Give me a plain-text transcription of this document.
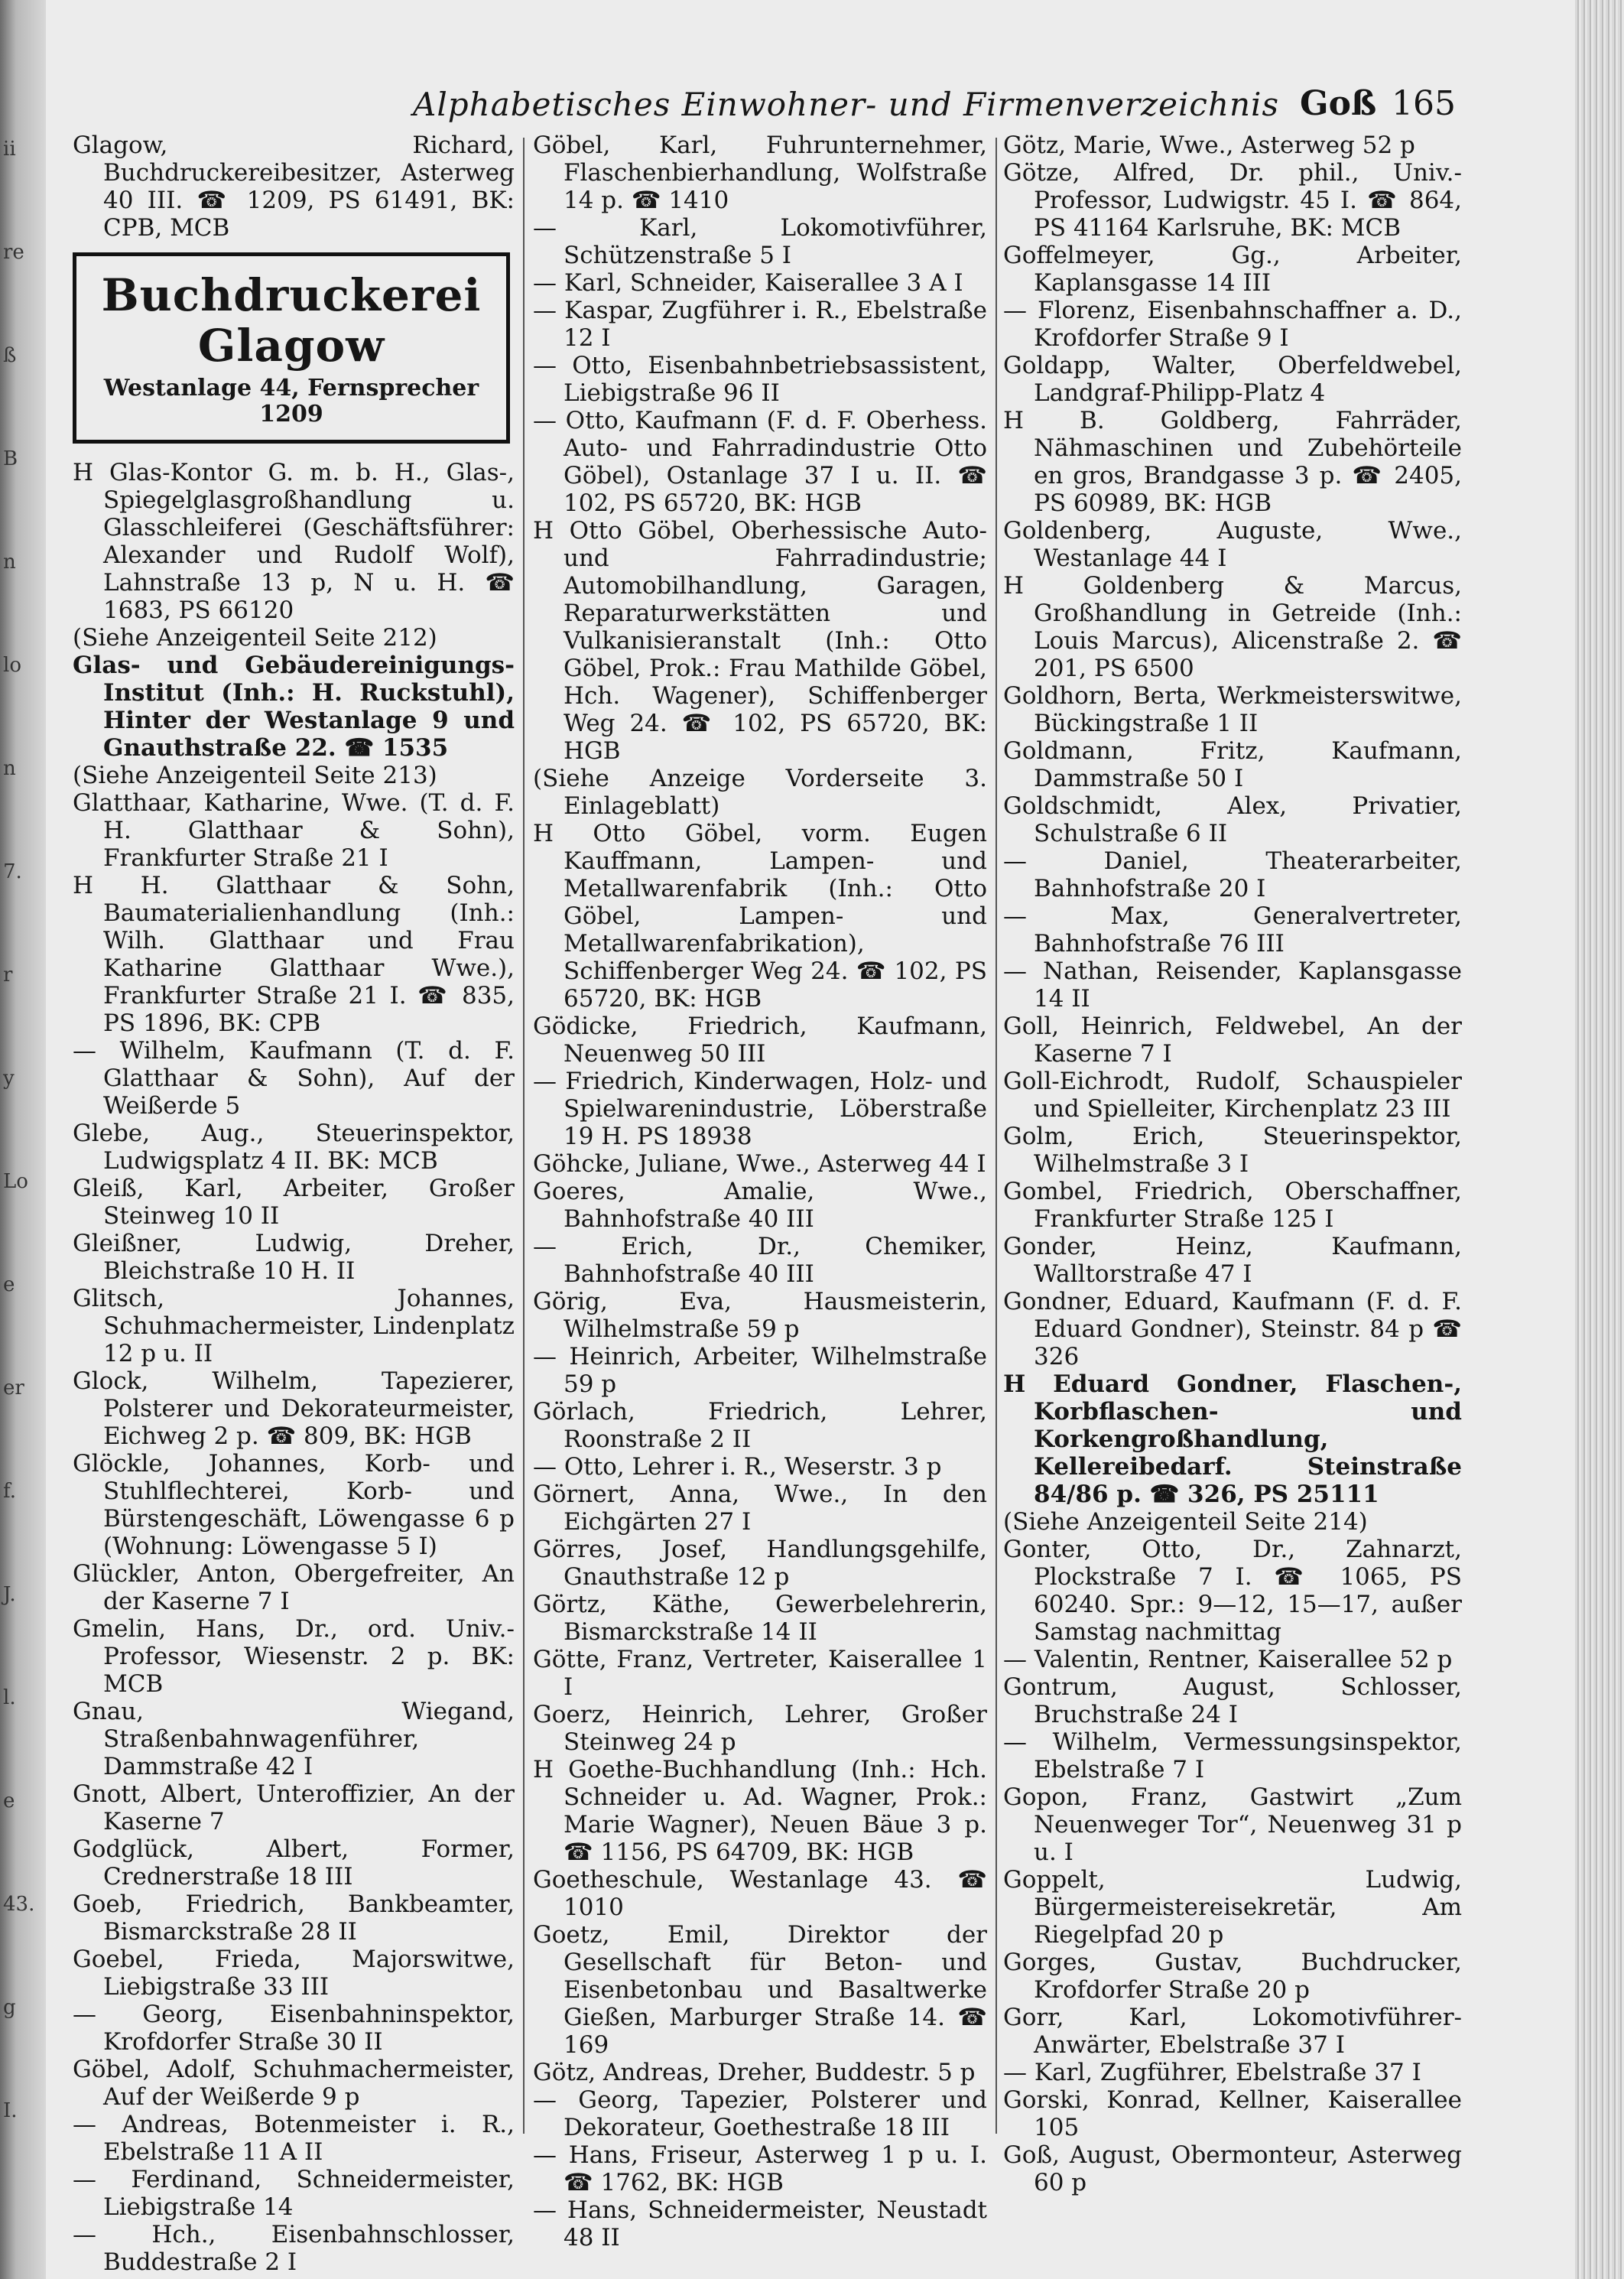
ii
re
ß
B
n
lo
n
7.
r
y
Lo
e
er
f.
J.
l.
e
43.
g
I.
Alphabetisches Einwohner- und Firmenverzeichnis Goß 165

Glagow, Richard, Buchdruckereibesitzer, Asterweg 40 III. ☎ 1209, PS 61491, BK: CPB, MCB

Buchdruckerei Glagow
Westanlage 44, Fernsprecher 1209

H Glas-Kontor G. m. b. H., Glas-, Spiegelglasgroßhandlung u. Glasschleiferei (Geschäftsführer: Alexander und Rudolf Wolf), Lahnstraße 13 p, N u. H. ☎ 1683, PS 66120

(Siehe Anzeigenteil Seite 212)

Glas- und Gebäudereinigungs-Institut (Inh.: H. Ruckstuhl), Hinter der Westanlage 9 und Gnauthstraße 22. ☎ 1535

(Siehe Anzeigenteil Seite 213)

Glatthaar, Katharine, Wwe. (T. d. F. H. Glatthaar & Sohn), Frankfurter Straße 21 I

H H. Glatthaar & Sohn, Baumaterialienhandlung (Inh.: Wilh. Glatthaar und Frau Katharine Glatthaar Wwe.), Frankfurter Straße 21 I. ☎ 835, PS 1896, BK: CPB

— Wilhelm, Kaufmann (T. d. F. Glatthaar & Sohn), Auf der Weißerde 5

Glebe, Aug., Steuerinspektor, Ludwigsplatz 4 II. BK: MCB

Gleiß, Karl, Arbeiter, Großer Steinweg 10 II

Gleißner, Ludwig, Dreher, Bleichstraße 10 H. II

Glitsch, Johannes, Schuhmachermeister, Lindenplatz 12 p u. II

Glock, Wilhelm, Tapezierer, Polsterer und Dekorateurmeister, Eichweg 2 p. ☎ 809, BK: HGB

Glöckle, Johannes, Korb- und Stuhlflechterei, Korb- und Bürstengeschäft, Löwengasse 6 p (Wohnung: Löwengasse 5 I)

Glückler, Anton, Obergefreiter, An der Kaserne 7 I

Gmelin, Hans, Dr., ord. Univ.-Professor, Wiesenstr. 2 p. BK: MCB

Gnau, Wiegand, Straßenbahnwagenführer, Dammstraße 42 I

Gnott, Albert, Unteroffizier, An der Kaserne 7

Godglück, Albert, Former, Crednerstraße 18 III

Goeb, Friedrich, Bankbeamter, Bismarckstraße 28 II

Goebel, Frieda, Majorswitwe, Liebigstraße 33 III

— Georg, Eisenbahninspektor, Krofdorfer Straße 30 II

Göbel, Adolf, Schuhmachermeister, Auf der Weißerde 9 p

— Andreas, Botenmeister i. R., Ebelstraße 11 A II

— Ferdinand, Schneidermeister, Liebigstraße 14

— Hch., Eisenbahnschlosser, Buddestraße 2 I

Göbel, Karl, Fuhrunternehmer, Flaschenbierhandlung, Wolfstraße 14 p. ☎ 1410

— Karl, Lokomotivführer, Schützenstraße 5 I

— Karl, Schneider, Kaiserallee 3 A I

— Kaspar, Zugführer i. R., Ebelstraße 12 I

— Otto, Eisenbahnbetriebsassistent, Liebigstraße 96 II

— Otto, Kaufmann (F. d. F. Oberhess. Auto- und Fahrradindustrie Otto Göbel), Ostanlage 37 I u. II. ☎ 102, PS 65720, BK: HGB

H Otto Göbel, Oberhessische Auto- und Fahrradindustrie; Automobilhandlung, Garagen, Reparaturwerkstätten und Vulkanisieranstalt (Inh.: Otto Göbel, Prok.: Frau Mathilde Göbel, Hch. Wagener), Schiffenberger Weg 24. ☎ 102, PS 65720, BK: HGB

(Siehe Anzeige Vorderseite 3. Einlageblatt)

H Otto Göbel, vorm. Eugen Kauffmann, Lampen- und Metallwarenfabrik (Inh.: Otto Göbel, Lampen- und Metallwarenfabrikation), Schiffenberger Weg 24. ☎ 102, PS 65720, BK: HGB

Gödicke, Friedrich, Kaufmann, Neuenweg 50 III

— Friedrich, Kinderwagen, Holz- und Spielwarenindustrie, Löberstraße 19 H. PS 18938

Göhcke, Juliane, Wwe., Asterweg 44 I

Goeres, Amalie, Wwe., Bahnhofstraße 40 III

— Erich, Dr., Chemiker, Bahnhofstraße 40 III

Görig, Eva, Hausmeisterin, Wilhelmstraße 59 p

— Heinrich, Arbeiter, Wilhelmstraße 59 p

Görlach, Friedrich, Lehrer, Roonstraße 2 II

— Otto, Lehrer i. R., Weserstr. 3 p

Görnert, Anna, Wwe., In den Eichgärten 27 I

Görres, Josef, Handlungsgehilfe, Gnauthstraße 12 p

Görtz, Käthe, Gewerbelehrerin, Bismarckstraße 14 II

Götte, Franz, Vertreter, Kaiserallee 1 I

Goerz, Heinrich, Lehrer, Großer Steinweg 24 p

H Goethe-Buchhandlung (Inh.: Hch. Schneider u. Ad. Wagner, Prok.: Marie Wagner), Neuen Bäue 3 p. ☎ 1156, PS 64709, BK: HGB

Goetheschule, Westanlage 43. ☎ 1010

Goetz, Emil, Direktor der Gesellschaft für Beton- und Eisenbetonbau und Basaltwerke Gießen, Marburger Straße 14. ☎ 169

Götz, Andreas, Dreher, Buddestr. 5 p

— Georg, Tapezier, Polsterer und Dekorateur, Goethestraße 18 III

— Hans, Friseur, Asterweg 1 p u. I. ☎ 1762, BK: HGB

— Hans, Schneidermeister, Neustadt 48 II

Götz, Marie, Wwe., Asterweg 52 p

Götze, Alfred, Dr. phil., Univ.-Professor, Ludwigstr. 45 I. ☎ 864, PS 41164 Karlsruhe, BK: MCB

Goffelmeyer, Gg., Arbeiter, Kaplansgasse 14 III

— Florenz, Eisenbahnschaffner a. D., Krofdorfer Straße 9 I

Goldapp, Walter, Oberfeldwebel, Landgraf-Philipp-Platz 4

H B. Goldberg, Fahrräder, Nähmaschinen und Zubehörteile en gros, Brandgasse 3 p. ☎ 2405, PS 60989, BK: HGB

Goldenberg, Auguste, Wwe., Westanlage 44 I

H Goldenberg & Marcus, Großhandlung in Getreide (Inh.: Louis Marcus), Alicenstraße 2. ☎ 201, PS 6500

Goldhorn, Berta, Werkmeisterswitwe, Bückingstraße 1 II

Goldmann, Fritz, Kaufmann, Dammstraße 50 I

Goldschmidt, Alex, Privatier, Schulstraße 6 II

— Daniel, Theaterarbeiter, Bahnhofstraße 20 I

— Max, Generalvertreter, Bahnhofstraße 76 III

— Nathan, Reisender, Kaplansgasse 14 II

Goll, Heinrich, Feldwebel, An der Kaserne 7 I

Goll-Eichrodt, Rudolf, Schauspieler und Spielleiter, Kirchenplatz 23 III

Golm, Erich, Steuerinspektor, Wilhelmstraße 3 I

Gombel, Friedrich, Oberschaffner, Frankfurter Straße 125 I

Gonder, Heinz, Kaufmann, Walltorstraße 47 I

Gondner, Eduard, Kaufmann (F. d. F. Eduard Gondner), Steinstr. 84 p ☎ 326

H Eduard Gondner, Flaschen-, Korbflaschen- und Korkengroßhandlung, Kellereibedarf. Steinstraße 84/86 p. ☎ 326, PS 25111

(Siehe Anzeigenteil Seite 214)

Gonter, Otto, Dr., Zahnarzt, Plockstraße 7 I. ☎ 1065, PS 60240. Spr.: 9—12, 15—17, außer Samstag nachmittag

— Valentin, Rentner, Kaiserallee 52 p

Gontrum, August, Schlosser, Bruchstraße 24 I

— Wilhelm, Vermessungsinspektor, Ebelstraße 7 I

Gopon, Franz, Gastwirt „Zum Neuenweger Tor“, Neuenweg 31 p u. I

Goppelt, Ludwig, Bürgermeistereisekretär, Am Riegelpfad 20 p

Gorges, Gustav, Buchdrucker, Krofdorfer Straße 20 p

Gorr, Karl, Lokomotivführer-Anwärter, Ebelstraße 37 I

— Karl, Zugführer, Ebelstraße 37 I

Gorski, Konrad, Kellner, Kaiserallee 105

Goß, August, Obermonteur, Asterweg 60 p
